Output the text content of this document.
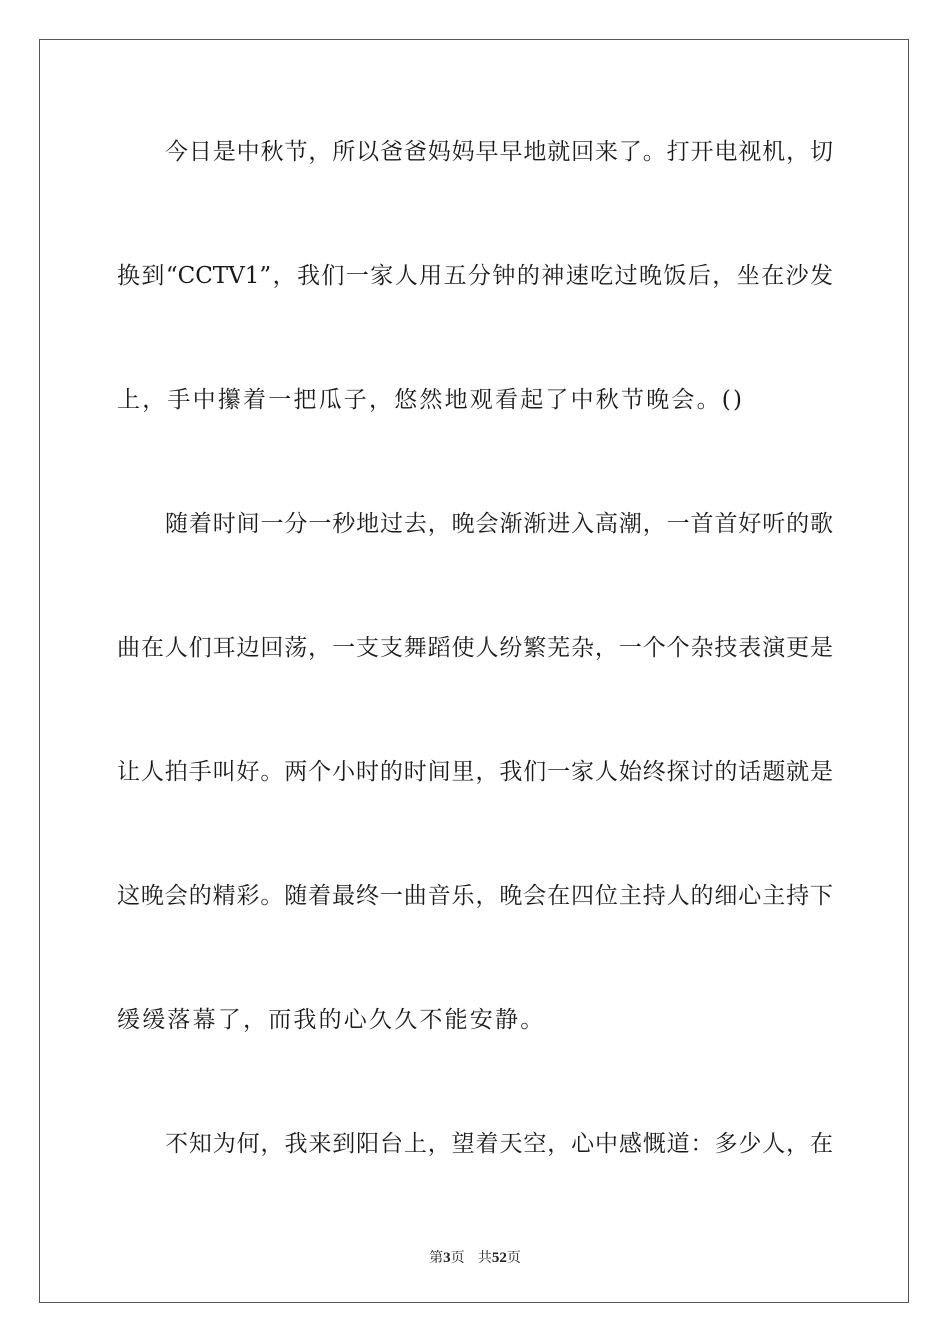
今日是中秋节，所以爸爸妈妈早早地就回来了。打开电视机，切
换到“CCTV1”，我们一家人用五分钟的神速吃过晚饭后，坐在沙发
上，手中攥着一把瓜子，悠然地观看起了中秋节晚会。()
随着时间一分一秒地过去，晚会渐渐进入高潮，一首首好听的歌
曲在人们耳边回荡，一支支舞蹈使人纷繁芜杂，一个个杂技表演更是
让人拍手叫好。两个小时的时间里，我们一家人始终探讨的话题就是
这晚会的精彩。随着最终一曲音乐，晚会在四位主持人的细心主持下
缓缓落幕了，而我的心久久不能安静。
不知为何，我来到阳台上，望着天空，心中感慨道：多少人，在
第3页 共52页
